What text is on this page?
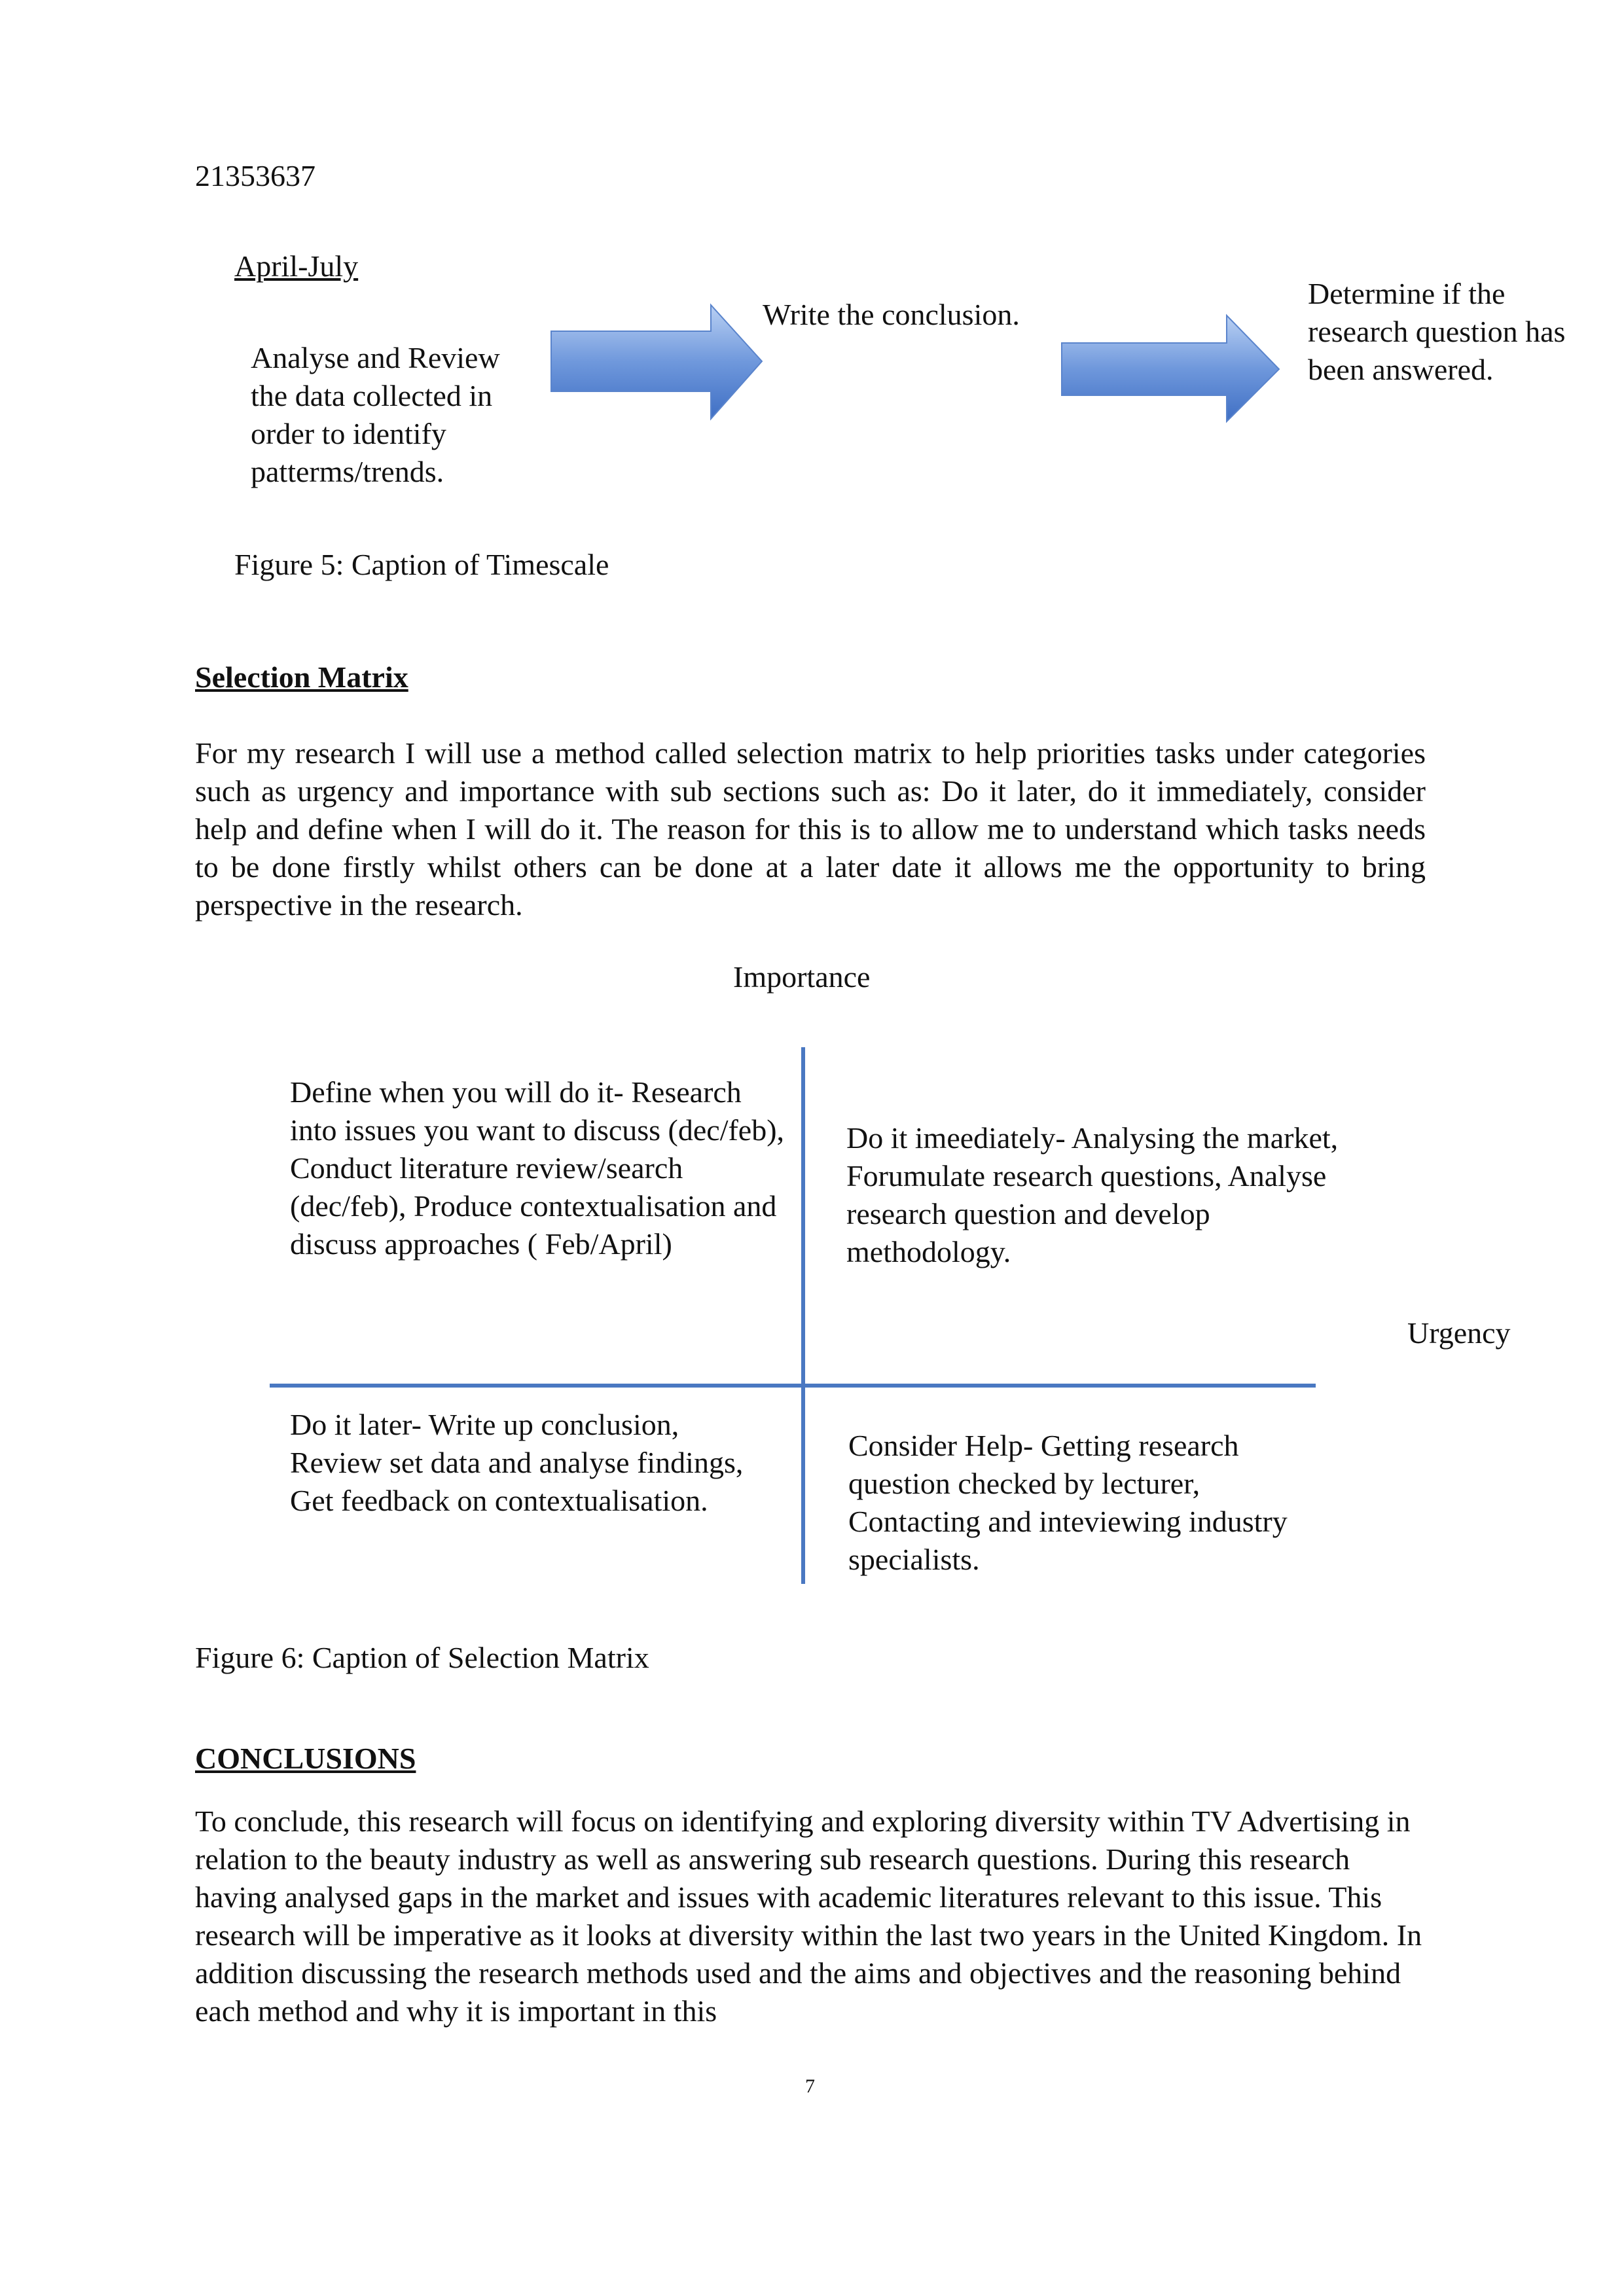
21353637

April-July

Analyse and Review the data collected in order to identify patterms/trends.

Write the conclusion.

Determine if the research question has been answered.

Figure 5: Caption of Timescale

Selection Matrix

For my research I will use a method called selection matrix to help priorities tasks under categories such as urgency and importance with sub sections such as: Do it later, do it immediately, consider help and define when I will do it. The reason for this is to allow me to understand which tasks needs to be done firstly whilst others can be done at a later date it allows me the opportunity to bring perspective in the research.

Importance

Define when you will do it- Research into issues you want to discuss (dec/feb), Conduct literature review/search (dec/feb), Produce contextualisation and discuss approaches ( Feb/April)

Do it imeediately- Analysing the market, Forumulate research questions, Analyse research question and develop methodology.

Urgency

Do it later- Write up conclusion, Review set data and analyse findings, Get feedback on contextualisation.

Consider Help- Getting research question checked by lecturer, Contacting and inteviewing industry specialists.

Figure 6: Caption of Selection Matrix

CONCLUSIONS

To conclude, this research will focus on identifying and exploring diversity within TV Advertising in relation to the beauty industry as well as answering sub research questions. During this research having analysed gaps in the market and issues with academic literatures relevant to this issue. This research will be imperative as it looks at diversity within the last two years in the United Kingdom. In addition discussing the research methods used and the aims and objectives and the reasoning behind each method and why it is important in this

7
